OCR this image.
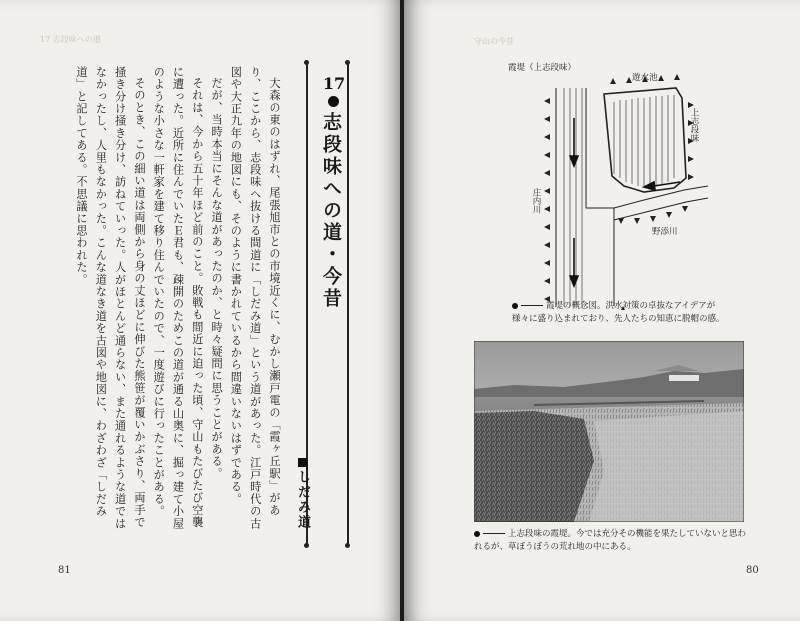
17 志段味への道

大森の東のはずれ、尾張旭市との市境近くに、むかし瀬戸電の「霞ヶ丘駅」があり、ここから、志段味へ抜ける間道に「しだみ道」という道があった。江戸時代の古図や大正九年の地図にも、そのように書かれているから間違いないはずである。

だが、当時本当にそんな道があったのか、と時々疑問に思うことがある。

それは、今から五十年ほど前のこと。敗戦も間近に迫った頃、守山もたびたび空襲に遭った。近所に住んでいたＥ君も、疎開のためこの道が通る山奥に、掘っ建て小屋のような小さな一軒家を建て移り住んでいたので、一度遊びに行ったことがある。

そのとき、この細い道は両側から身の丈ほどに伸びた熊笹が覆いかぶさり、両手で掻き分け掻き分け、訪ねていった。人がほとんど通らない、また通れるような道ではなかったし、人里もなかった。こんな道なき道を古図や地図に、わざわざ「しだみ道」と記してある。不思議に思われた。	17
志段味への道・今昔
しだみ道
81
守山の今昔
霞堤（上志段味）
遊水池
上志段味
庄内川
野添川
霞堤の概念図。洪水対策の卓抜なアイデアが様々に盛り込まれており、先人たちの知恵に脱帽の感。
上志段味の霞堤。今では充分その機能を果たしていないと思われるが、草ぼうぼうの荒れ地の中にある。
80
